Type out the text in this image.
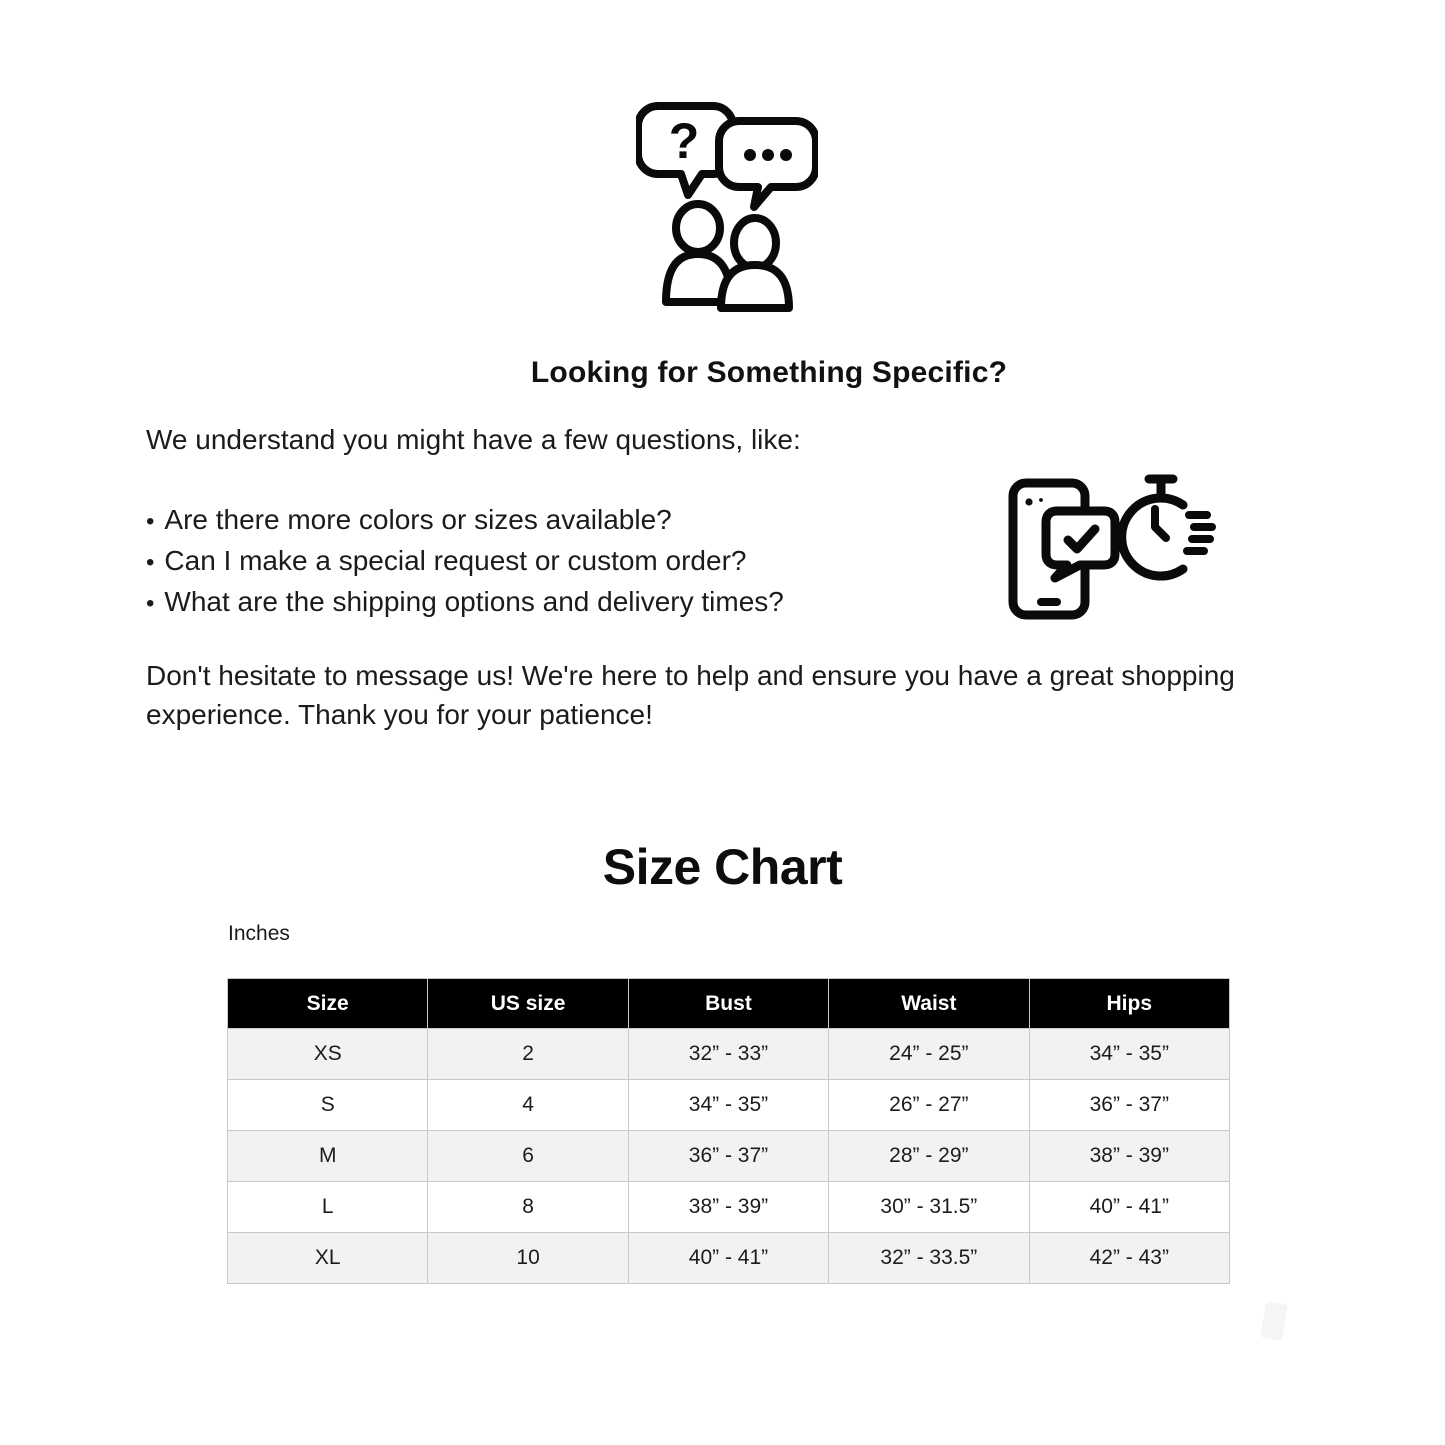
?
Looking for Something Specific?
We understand you might have a few questions, like:
• Are there more colors or sizes available?
• Can I make a special request or custom order?
• What are the shipping options and delivery times?
Don't hesitate to message us! We're here to help and ensure you have a great shopping experience. Thank you for your patience!
Size Chart
Inches
Size	US size	Bust	Waist	Hips
XS	2	32” - 33”	24” - 25”	34” - 35”
S	4	34” - 35”	26” - 27”	36” - 37”
M	6	36” - 37”	28” - 29”	38” - 39”
L	8	38” - 39”	30” - 31.5”	40” - 41”
XL	10	40” - 41”	32” - 33.5”	42” - 43”
